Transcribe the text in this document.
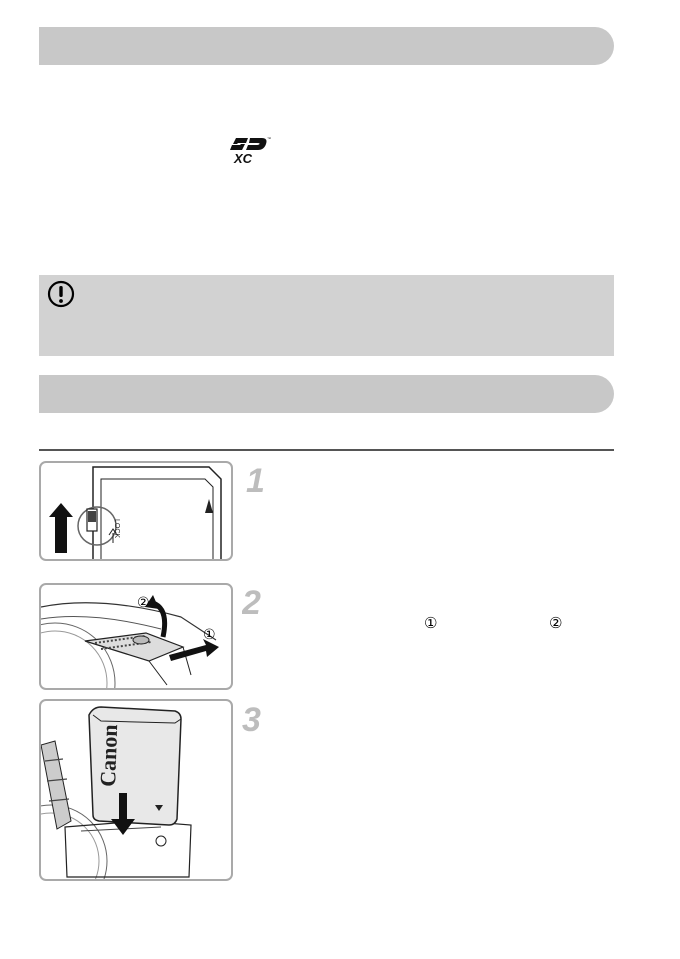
™
XC
LOCK
②
①
Canon
1
2
3
①	②
